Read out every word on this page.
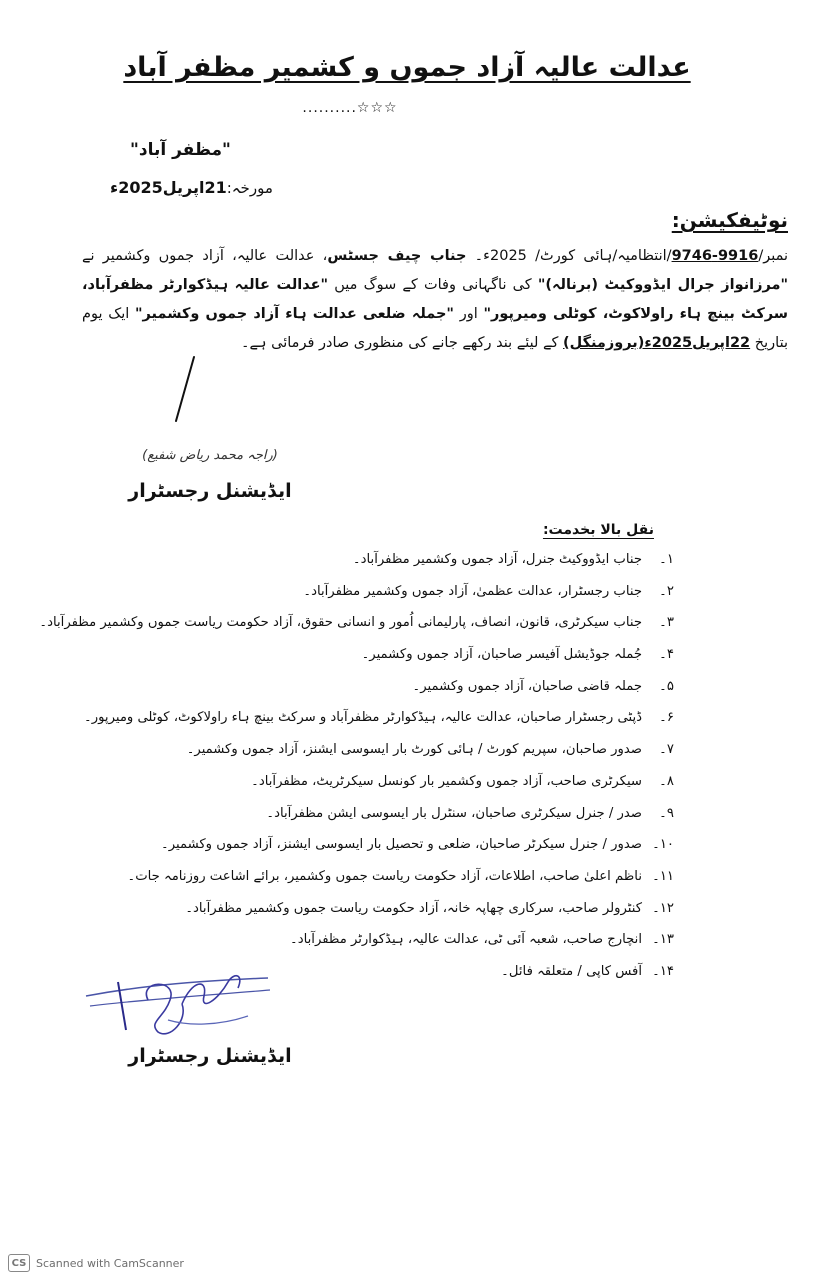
عدالت عالیہ آزاد جموں و کشمیر مظفر آباد
..........☆☆☆
"مظفر آباد"
مورخہ:21اپریل2025ء
نوٹیفکیشن:
نمبر/9916-9746/انتظامیہ/ہائی کورٹ/ 2025ء۔ جناب چیف جسٹس، عدالت عالیہ، آزاد جموں وکشمیر نے "مرزانواز جرال ایڈووکیٹ (برنالہ)" کی ناگہانی وفات کے سوگ میں "عدالت عالیہ ہیڈکوارٹر مظفرآباد، سرکٹ بینچ ہاء راولاکوٹ، کوٹلی ومیرپور" اور "جملہ ضلعی عدالت ہاء آزاد جموں وکشمیر" ایک یوم بتاریخ 22اپریل2025ء(بروزمنگل) کے لیئے بند رکھے جانے کی منظوری صادر فرمائی ہے۔
(راجہ محمد ریاض شفیع)
ایڈیشنل رجسٹرار
نقل بالا بخدمت:
۱۔
جناب ایڈووکیٹ جنرل، آزاد جموں وکشمیر مظفرآباد۔
۲۔
جناب رجسٹرار، عدالت عظمیٰ، آزاد جموں وکشمیر مظفرآباد۔
۳۔
جناب سیکرٹری، قانون، انصاف، پارلیمانی اُمور و انسانی حقوق، آزاد حکومت ریاست جموں وکشمیر مظفرآباد۔
۴۔
جُملہ جوڈیشل آفیسر صاحبان، آزاد جموں وکشمیر۔
۵۔
جملہ قاضی صاحبان، آزاد جموں وکشمیر۔
۶۔
ڈپٹی رجسٹرار صاحبان، عدالت عالیہ، ہیڈکوارٹر مظفرآباد و سرکٹ بینچ ہاء راولاکوٹ، کوٹلی ومیرپور۔
۷۔
صدور صاحبان، سپریم کورٹ / ہائی کورٹ بار ایسوسی ایشنز، آزاد جموں وکشمیر۔
۸۔
سیکرٹری صاحب، آزاد جموں وکشمیر بار کونسل سیکرٹریٹ، مظفرآباد۔
۹۔
صدر / جنرل سیکرٹری صاحبان، سنٹرل بار ایسوسی ایشن مظفرآباد۔
۱۰۔
صدور / جنرل سیکرٹر صاحبان، ضلعی و تحصیل بار ایسوسی ایشنز، آزاد جموں وکشمیر۔
۱۱۔
ناظم اعلیٰ صاحب، اطلاعات، آزاد حکومت ریاست جموں وکشمیر، برائے اشاعت روزنامہ جات۔
۱۲۔
کنٹرولر صاحب، سرکاری چھاپہ خانہ، آزاد حکومت ریاست جموں وکشمیر مظفرآباد۔
۱۳۔
انچارج صاحب، شعبہ آئی ٹی، عدالت عالیہ، ہیڈکوارٹر مظفرآباد۔
۱۴۔
آفس کاپی / متعلقہ فائل۔
ایڈیشنل رجسٹرار
CS Scanned with CamScanner
